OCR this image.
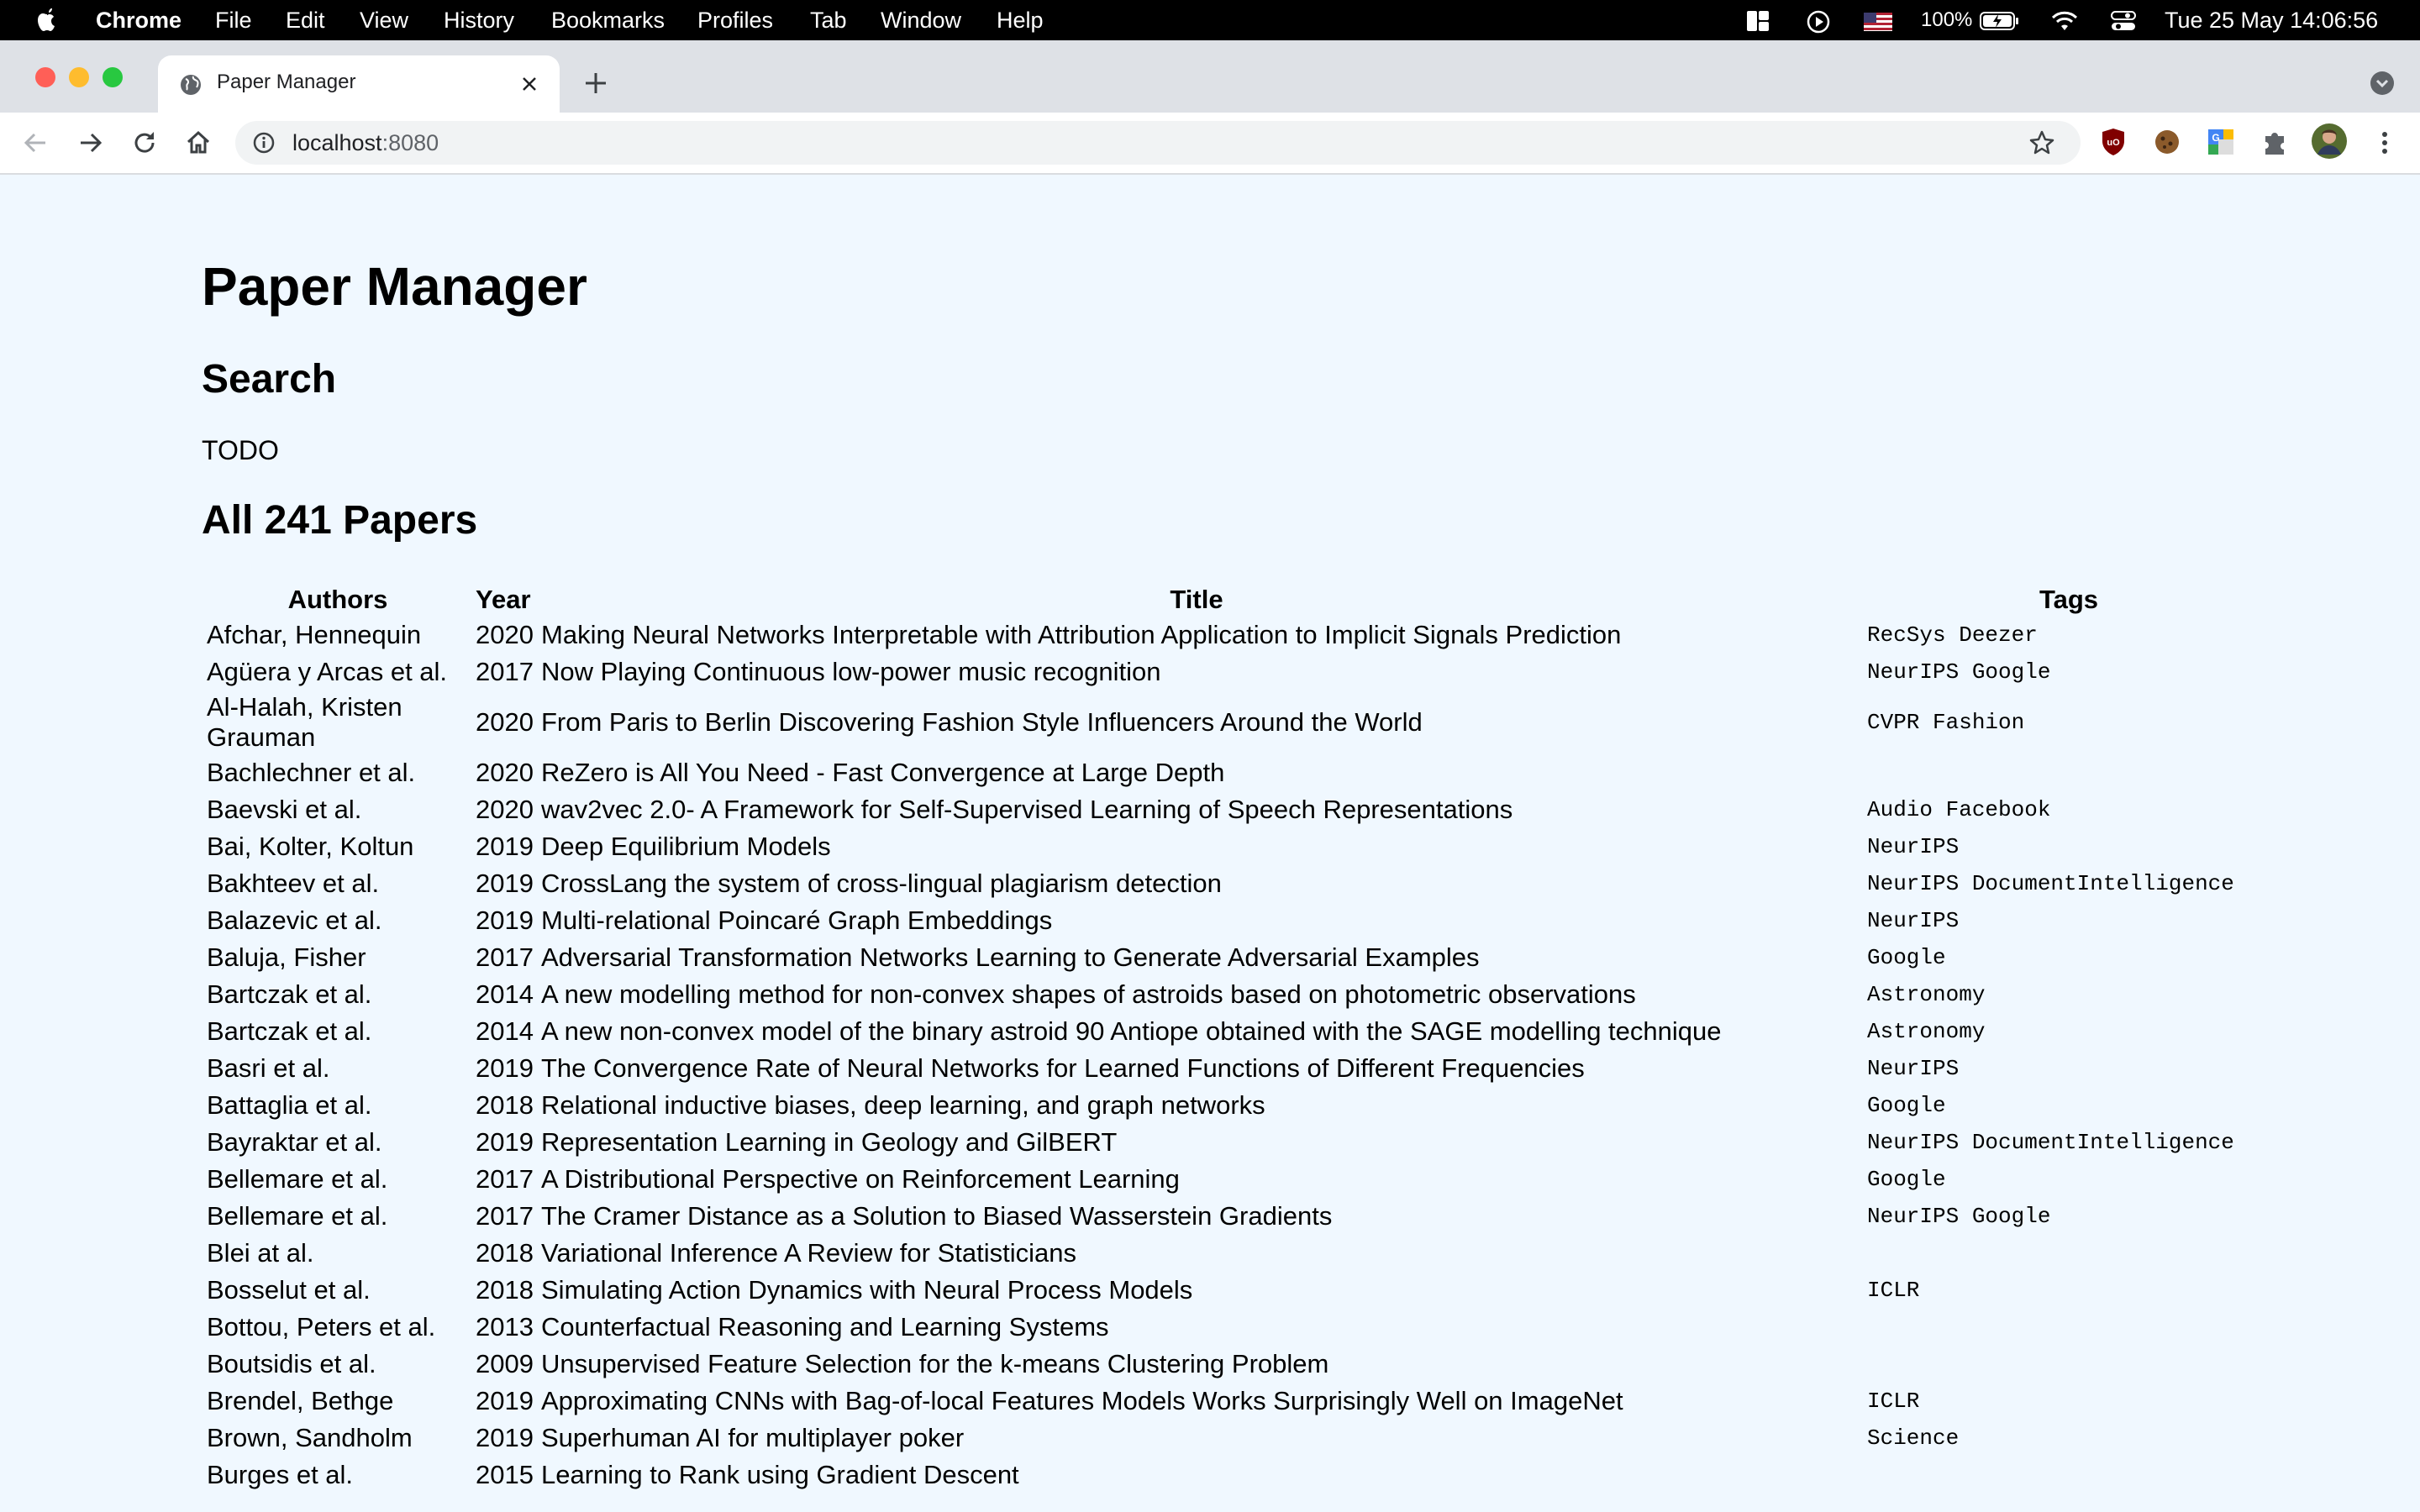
Chrome File Edit View History Bookmarks Profiles Tab Window Help	100%	Tue 25 May 14:06:56
Paper Manager
localhost:8080	uO	G
Paper Manager
Search

TODO

All 241 Papers
Authors	Year	Title	Tags
Afchar, Hennequin	2020	Making Neural Networks Interpretable with Attribution Application to Implicit Signals Prediction	RecSys Deezer
Agüera y Arcas et al.	2017	Now Playing Continuous low-power music recognition	NeurIPS Google
Al-Halah, Kristen Grauman	2020	From Paris to Berlin Discovering Fashion Style Influencers Around the World	CVPR Fashion
Bachlechner et al.	2020	ReZero is All You Need - Fast Convergence at Large Depth	
Baevski et al.	2020	wav2vec 2.0- A Framework for Self-Supervised Learning of Speech Representations	Audio Facebook
Bai, Kolter, Koltun	2019	Deep Equilibrium Models	NeurIPS
Bakhteev et al.	2019	CrossLang the system of cross-lingual plagiarism detection	NeurIPS DocumentIntelligence
Balazevic et al.	2019	Multi-relational Poincaré Graph Embeddings	NeurIPS
Baluja, Fisher	2017	Adversarial Transformation Networks Learning to Generate Adversarial Examples	Google
Bartczak et al.	2014	A new modelling method for non-convex shapes of astroids based on photometric observations	Astronomy
Bartczak et al.	2014	A new non-convex model of the binary astroid 90 Antiope obtained with the SAGE modelling technique	Astronomy
Basri et al.	2019	The Convergence Rate of Neural Networks for Learned Functions of Different Frequencies	NeurIPS
Battaglia et al.	2018	Relational inductive biases, deep learning, and graph networks	Google
Bayraktar et al.	2019	Representation Learning in Geology and GilBERT	NeurIPS DocumentIntelligence
Bellemare et al.	2017	A Distributional Perspective on Reinforcement Learning	Google
Bellemare et al.	2017	The Cramer Distance as a Solution to Biased Wasserstein Gradients	NeurIPS Google
Blei at al.	2018	Variational Inference A Review for Statisticians	
Bosselut et al.	2018	Simulating Action Dynamics with Neural Process Models	ICLR
Bottou, Peters et al.	2013	Counterfactual Reasoning and Learning Systems	
Boutsidis et al.	2009	Unsupervised Feature Selection for the k-means Clustering Problem	
Brendel, Bethge	2019	Approximating CNNs with Bag-of-local Features Models Works Surprisingly Well on ImageNet	ICLR
Brown, Sandholm	2019	Superhuman AI for multiplayer poker	Science
Burges et al.	2015	Learning to Rank using Gradient Descent	
